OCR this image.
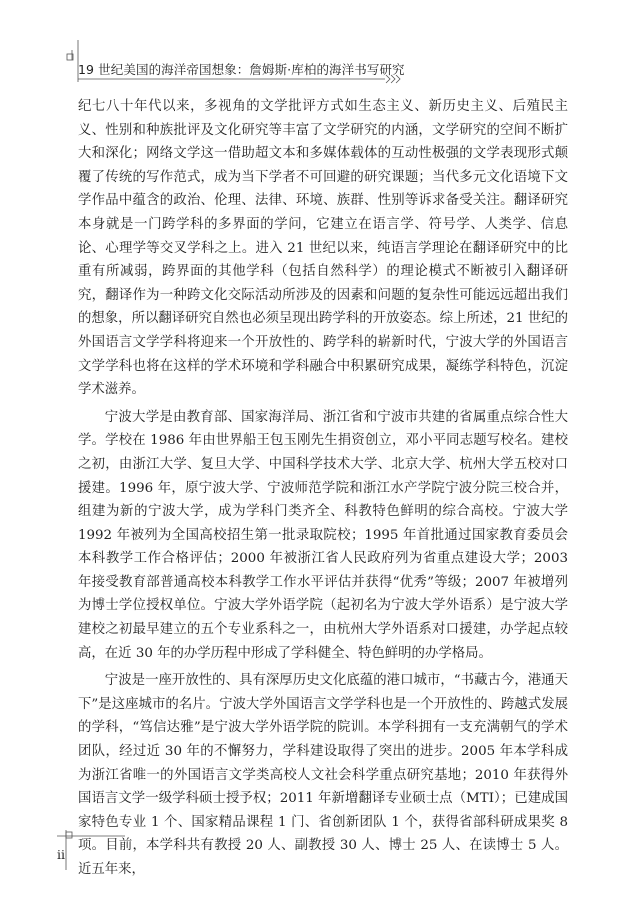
19 世纪美国的海洋帝国想象：詹姆斯·库柏的海洋书写研究

纪七八十年代以来，多视角的文学批评方式如生态主义、新历史主义、后殖民主义、性别和种族批评及文化研究等丰富了文学研究的内涵，文学研究的空间不断扩大和深化；网络文学这一借助超文本和多媒体载体的互动性极强的文学表现形式颠覆了传统的写作范式，成为当下学者不可回避的研究课题；当代多元文化语境下文学作品中蕴含的政治、伦理、法律、环境、族群、性别等诉求备受关注。翻译研究本身就是一门跨学科的多界面的学问，它建立在语言学、符号学、人类学、信息论、心理学等交叉学科之上。进入 21 世纪以来，纯语言学理论在翻译研究中的比重有所减弱，跨界面的其他学科（包括自然科学）的理论模式不断被引入翻译研究，翻译作为一种跨文化交际活动所涉及的因素和问题的复杂性可能远远超出我们的想象，所以翻译研究自然也必须呈现出跨学科的开放姿态。综上所述，21 世纪的外国语言文学学科将迎来一个开放性的、跨学科的崭新时代，宁波大学的外国语言文学学科也将在这样的学术环境和学科融合中积累研究成果，凝练学科特色，沉淀学术滋养。

宁波大学是由教育部、国家海洋局、浙江省和宁波市共建的省属重点综合性大学。学校在 1986 年由世界船王包玉刚先生捐资创立，邓小平同志题写校名。建校之初，由浙江大学、复旦大学、中国科学技术大学、北京大学、杭州大学五校对口援建。1996 年，原宁波大学、宁波师范学院和浙江水产学院宁波分院三校合并，组建为新的宁波大学，成为学科门类齐全、科教特色鲜明的综合高校。宁波大学 1992 年被列为全国高校招生第一批录取院校；1995 年首批通过国家教育委员会本科教学工作合格评估；2000 年被浙江省人民政府列为省重点建设大学；2003 年接受教育部普通高校本科教学工作水平评估并获得“优秀”等级；2007 年被增列为博士学位授权单位。宁波大学外语学院（起初名为宁波大学外语系）是宁波大学建校之初最早建立的五个专业系科之一，由杭州大学外语系对口援建，办学起点较高，在近 30 年的办学历程中形成了学科健全、特色鲜明的办学格局。

宁波是一座开放性的、具有深厚历史文化底蕴的港口城市，“书藏古今，港通天下”是这座城市的名片。宁波大学外国语言文学学科也是一个开放性的、跨越式发展的学科，“笃信达雅”是宁波大学外语学院的院训。本学科拥有一支充满朝气的学术团队，经过近 30 年的不懈努力，学科建设取得了突出的进步。2005 年本学科成为浙江省唯一的外国语言文学类高校人文社会科学重点研究基地；2010 年获得外国语言文学一级学科硕士授予权；2011 年新增翻译专业硕士点（MTI）；已建成国家特色专业 1 个、国家精品课程 1 门、省创新团队 1 个，获得省部科研成果奖 8 项。目前，本学科共有教授 20 人、副教授 30 人、博士 25 人、在读博士 5 人。近五年来，

ii
